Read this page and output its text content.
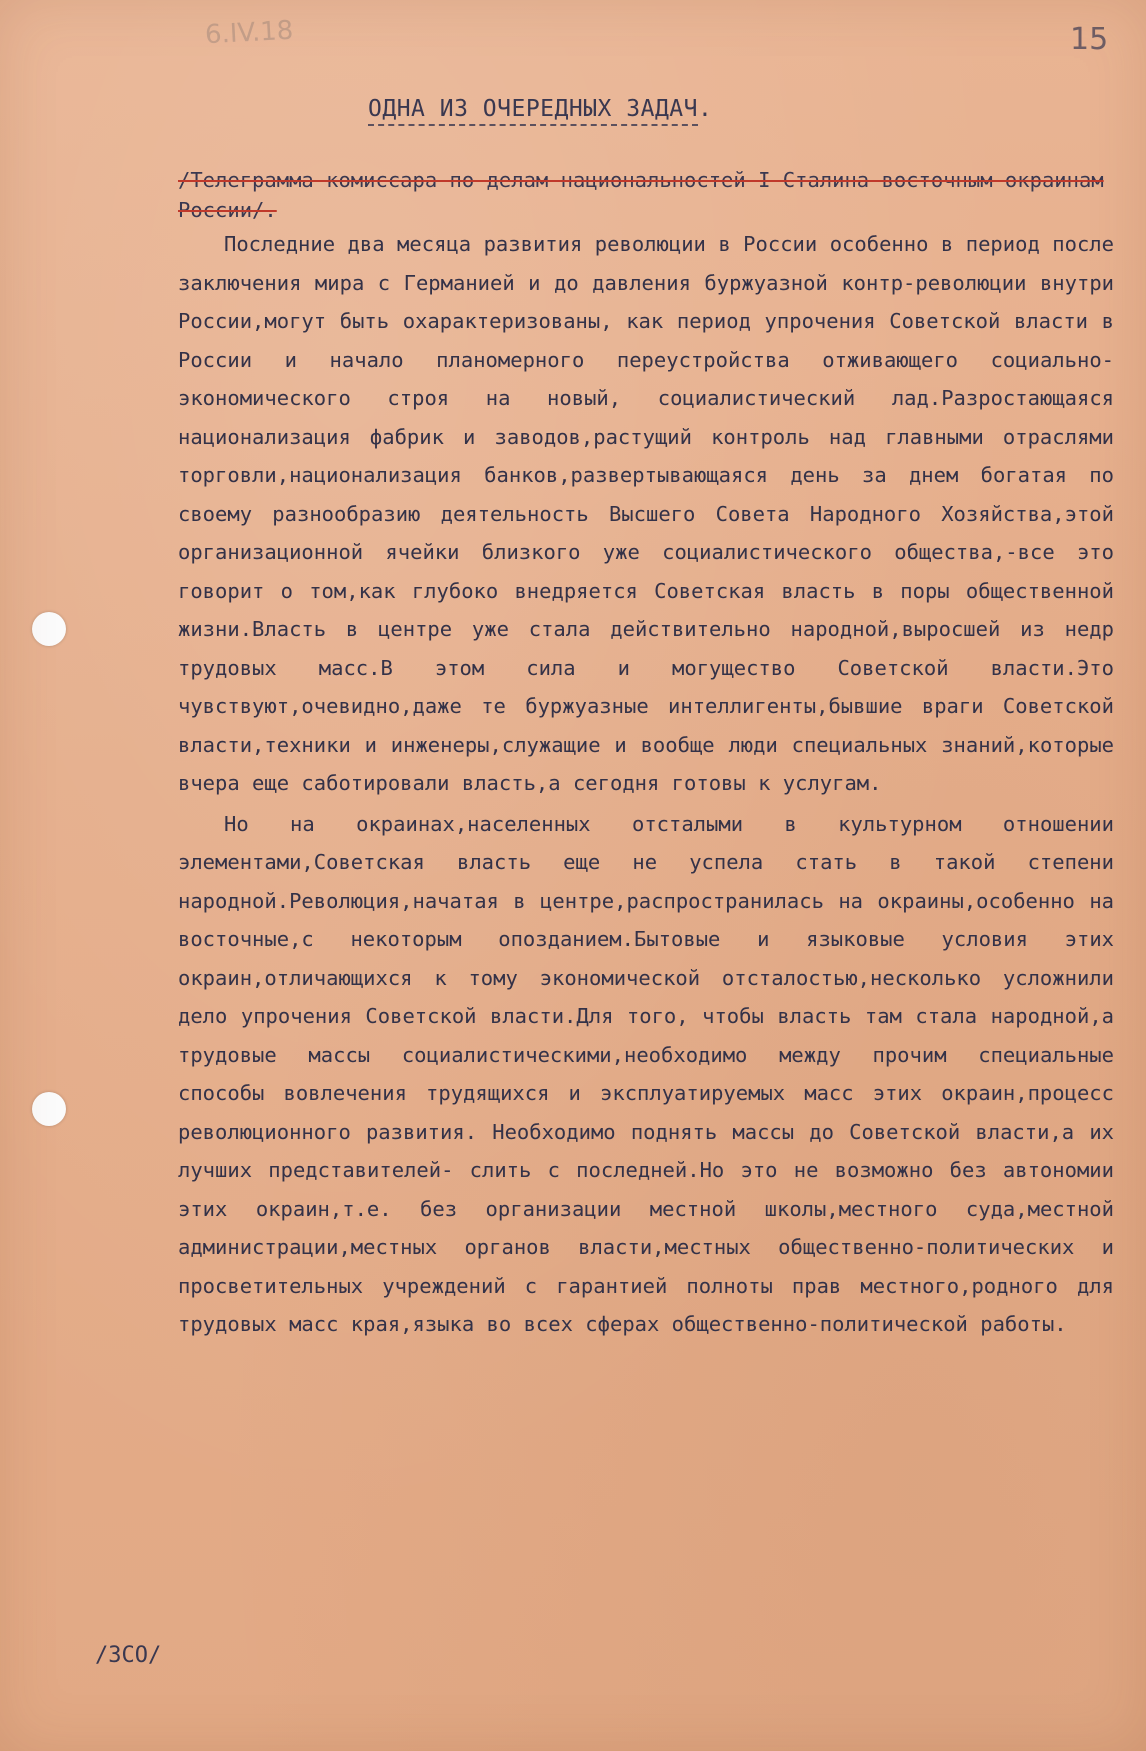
6.IV.18	15
ОДНА ИЗ ОЧЕРЕДНЫХ ЗАДАЧ.
/Телеграмма комиссара по делам национальностей І Сталина восточным окраинам России/.

Последние два месяца развития революции в России особенно в период после заключения мира с Германией и до давления буржуазной контр-революции внутри России,могут быть охарактеризованы, как период упрочения Советской власти в России и начало планомерного переустройства отживающего социально-экономического строя на новый, социалистический лад.Разростающаяся национализация фабрик и заводов,растущий контроль над главными отраслями торговли,национализация банков,развертывающаяся день за днем богатая по своему разнообразию деятельность Высшего Совета Народного Хозяйства,этой организационной ячейки близкого уже социалистического общества,-все это говорит о том,как глубоко внедряется Советская власть в поры общественной жизни.Власть в центре уже стала действительно народной,выросшей из недр трудовых масс.В этом сила и могущество Советской власти.Это чувствуют,очевидно,даже те буржуазные интеллигенты,бывшие враги Советской власти,техники и инженеры,служащие и вообще люди специальных знаний,которые вчера еще саботировали власть,а сегодня готовы к услугам.

Но на окраинах,населенных отсталыми в культурном отношении элементами,Советская власть еще не успела стать в такой степени народной.Революция,начатая в центре,распространилась на окраины,особенно на восточные,с некоторым опозданием.Бытовые и языковые условия этих окраин,отличающихся к тому экономической отсталостью,несколько усложнили дело упрочения Советской власти.Для того, чтобы власть там стала народной,а трудовые массы социалистическими,необходимо между прочим специальные способы вовлечения трудящихся и эксплуатируемых масс этих окраин,процесс революционного развития. Необходимо поднять массы до Советской власти,а их лучших представителей- слить с последней.Но это не возможно без автономии этих окраин,т.е. без организации местной школы,местного суда,местной администрации,местных органов власти,местных общественно-политических и просветительных учреждений с гарантией полноты прав местного,родного для трудовых масс края,языка во всех сферах общественно-политической работы.

/3СО/
